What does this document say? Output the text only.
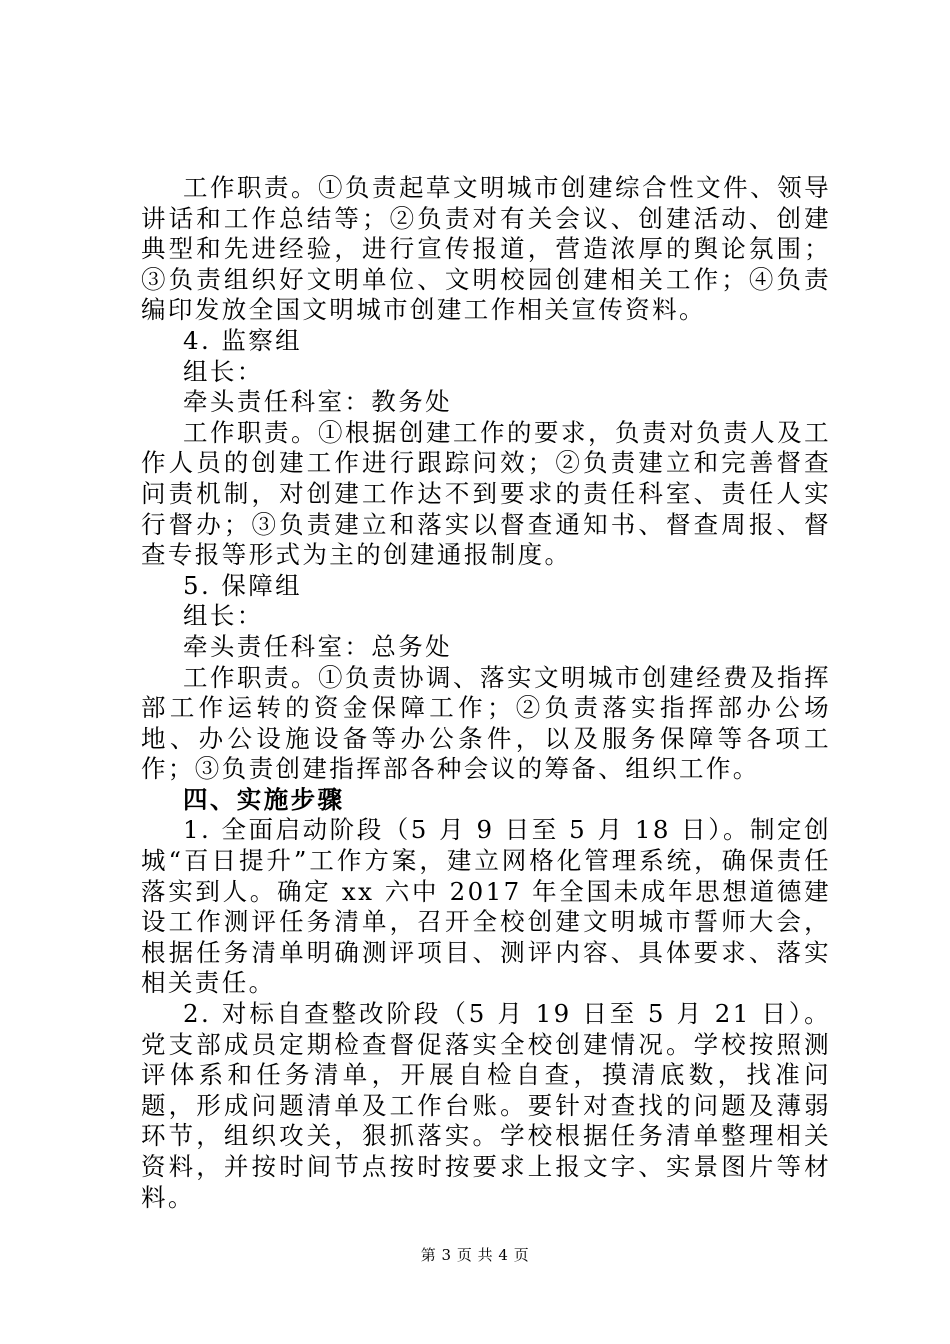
工作职责。①负责起草文明城市创建综合性文件、领导讲话和工作总结等；②负责对有关会议、创建活动、创建典型和先进经验，进行宣传报道，营造浓厚的舆论氛围；③负责组织好文明单位、文明校园创建相关工作；④负责编印发放全国文明城市创建工作相关宣传资料。

4. 监察组

组长：

牵头责任科室：教务处

工作职责。①根据创建工作的要求，负责对负责人及工作人员的创建工作进行跟踪问效；②负责建立和完善督查问责机制，对创建工作达不到要求的责任科室、责任人实行督办；③负责建立和落实以督查通知书、督查周报、督查专报等形式为主的创建通报制度。

5. 保障组

组长：

牵头责任科室：总务处

工作职责。①负责协调、落实文明城市创建经费及指挥部工作运转的资金保障工作；②负责落实指挥部办公场地、办公设施设备等办公条件，以及服务保障等各项工作；③负责创建指挥部各种会议的筹备、组织工作。

四、实施步骤

1. 全面启动阶段（5 月 9 日至 5 月 18 日）。制定创城“百日提升”工作方案，建立网格化管理系统，确保责任落实到人。确定 xx 六中 2017 年全国未成年思想道德建设工作测评任务清单，召开全校创建文明城市誓师大会，根据任务清单明确测评项目、测评内容、具体要求、落实相关责任。

2. 对标自查整改阶段（5 月 19 日至 5 月 21 日）。党支部成员定期检查督促落实全校创建情况。学校按照测评体系和任务清单，开展自检自查，摸清底数，找准问题，形成问题清单及工作台账。要针对查找的问题及薄弱环节，组织攻关，狠抓落实。学校根据任务清单整理相关资料，并按时间节点按时按要求上报文字、实景图片等材料。

第 3 页 共 4 页
